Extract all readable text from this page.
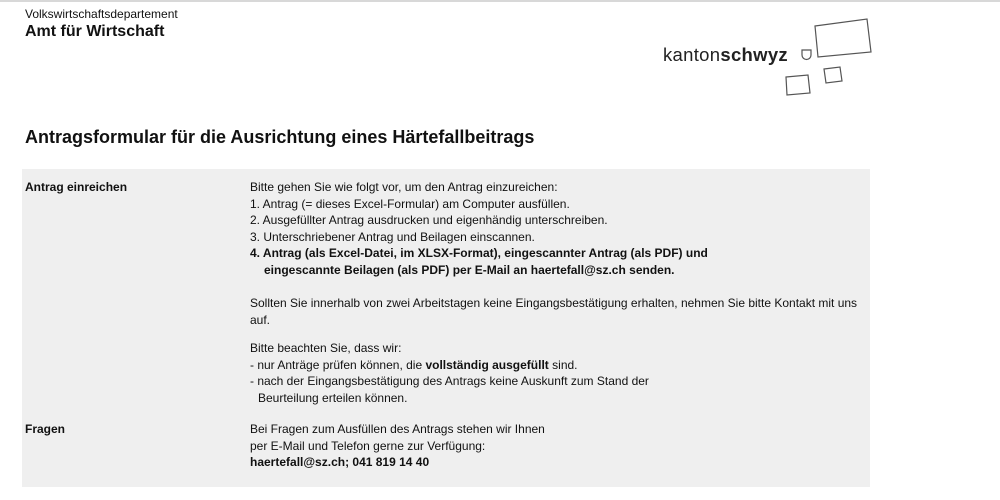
Volkswirtschaftsdepartement
Amt für Wirtschaft
kantonschwyz
Antragsformular für die Ausrichtung eines Härtefallbeitrags
Antrag einreichen	Bitte gehen Sie wie folgt vor, um den Antrag einzureichen:

1. Antrag (= dieses Excel-Formular) am Computer ausfüllen.

2. Ausgefüllter Antrag ausdrucken und eigenhändig unterschreiben.

3. Unterschriebener Antrag und Beilagen einscannen.

4. Antrag (als Excel-Datei, im XLSX-Format), eingescannter Antrag (als PDF) und

eingescannte Beilagen (als PDF) per E-Mail an haertefall@sz.ch senden.

Sollten Sie innerhalb von zwei Arbeitstagen keine Eingangsbestätigung erhalten, nehmen Sie bitte Kontakt mit uns

auf.

Bitte beachten Sie, dass wir:

- nur Anträge prüfen können, die vollständig ausgefüllt sind.

- nach der Eingangsbestätigung des Antrags keine Auskunft zum Stand der

Beurteilung erteilen können.

Fragen	Bei Fragen zum Ausfüllen des Antrags stehen wir Ihnen

per E-Mail und Telefon gerne zur Verfügung:

haertefall@sz.ch; 041 819 14 40
